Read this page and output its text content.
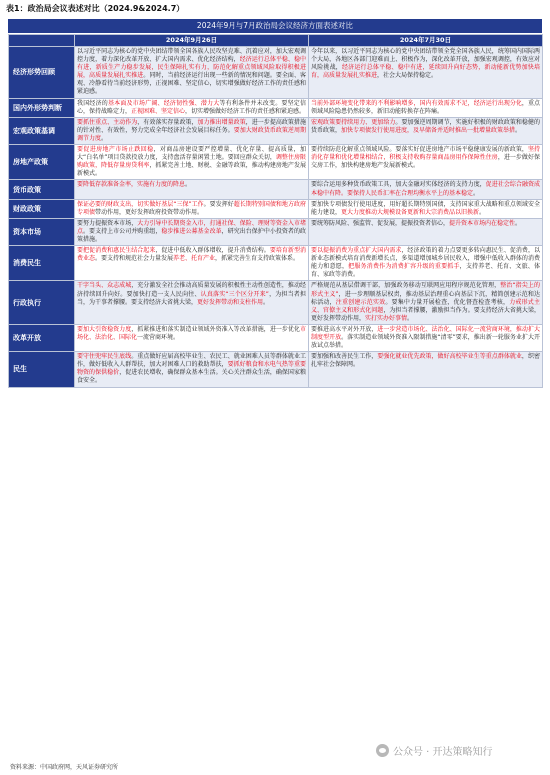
表1：政治局会议表述对比（2024.9&2024.7）
2024年9月与7月政治局会议经济方面表述对比
	2024年9月26日	2024年7月30日
经济形势回顾	以习近平同志为核心的党中央团结带领全国各族人民攻坚克难、沉着应对，加大宏观调控力度，着力深化改革开放、扩大国内需求、优化经济结构，经济运行总体平稳、稳中有进，新质生产力稳步发展，民生保障扎实有力，防范化解重点领域风险取得积极进展，高质量发展扎实推进。同时，当前经济运行出现一些新的情况和问题。要全面、客观、冷静看待当前经济形势，正视困难、坚定信心，切实增强做好经济工作的责任感和紧迫感。	今年以来，以习近平同志为核心的党中央团结带领全党全国各族人民，统筹国内国际两个大局，各地区各部门迎难而上、积极作为，深化改革开放，加强宏观调控，有效应对风险挑战，经济运行总体平稳、稳中有进，延续回升向好态势，新动能新优势加快培育，高质量发展扎实推进，社会大局保持稳定。
国内外形势判断	我国经济的基本面及市场广阔、经济韧性强、潜力大等有利条件并未改变。要坚定信心，保持战略定力，正视困难、坚定信心，切实增强做好经济工作的责任感和紧迫感。	当前外部环境变化带来的不利影响增多，国内有效需求不足，经济运行出现分化，重点领域风险隐患仍然较多，新旧动能转换存在阵痛。
宏观政策基调	要抓住重点、主动作为，有效落实存量政策，加力推出增量政策，进一步提高政策措施的针对性、有效性，努力完成全年经济社会发展目标任务。要加大财政货币政策逆周期调节力度。	宏观政策要持续用力、更加给力。要加强逆周期调节，实施好积极的财政政策和稳健的货币政策，加快专项债发行使用进度，及早储备并适时推出一批增量政策举措。
房地产政策	要促进房地产市场止跌回稳，对商品房建设要严控增量、优化存量、提高质量，加大“白名单”项目贷款投放力度，支持盘活存量闲置土地。要回应群众关切，调整住房限购政策，降低存量房贷利率，抓紧完善土地、财税、金融等政策，推动构建房地产发展新模式。	要持续防范化解重点领域风险。要落实好促进房地产市场平稳健康发展的新政策，坚持消化存量和优化增量相结合，积极支持收购存量商品房用作保障性住房，进一步做好保交房工作，加快构建房地产发展新模式。
货币政策	要降低存款准备金率，实施有力度的降息。	要综合运用多种货币政策工具，加大金融对实体经济的支持力度，促进社会综合融资成本稳中有降。要保持人民币汇率在合理均衡水平上的基本稳定。
财政政策	保证必要的财政支出，切实做好基层“三保”工作。要发挥好超长期特别国债和地方政府专项债带动作用，更好发挥政府投资带动作用。	要加快专项债发行使用进度，用好超长期特别国债，支持国家重大战略和重点领域安全能力建设，更大力度推动大规模设备更新和大宗消费品以旧换新。
资本市场	要努力提振资本市场，大力引导中长期资金入市，打通社保、保险、理财等资金入市堵点。要支持上市公司并购重组，稳步推进公募基金改革，研究出台保护中小投资者的政策措施。	要统筹防风险、强监管、促发展，提振投资者信心，提升资本市场内在稳定性。
消费民生	要把促消费和惠民生结合起来，促进中低收入群体增收，提升消费结构。要培育新型消费业态。要支持和规范社会力量发展养老、托育产业，抓紧完善生育支持政策体系。	要以提振消费为重点扩大国内需求，经济政策的着力点要更多转向惠民生、促消费，以新业态新模式培育消费新增长点，多渠道增加城乡居民收入，增强中低收入群体的消费能力和意愿，把服务消费作为消费扩容升级的重要抓手，支持养老、托育、文旅、体育、家政等消费。
行政执行	干字当头、众志成城，充分激发全社会推动高质量发展的积极性主动性创造性，推动经济持续回升向好。要加快打造一支人民向往、认真落实“三个区分开来”，为担当者担当，为干事者撑腰。要支持经济大省挑大梁，更好发挥带动和支柱作用。	严格规范从基层借调干部，加强政务移动互联网应用程序规范化管理，整治“指尖上的形式主义”，进一步理顺基层权责，推动基层治理重心向基层下沉，精简创建示范和达标活动，注重创建示范实效。要集中力量开展检查，优化督查检查考核，力戒形式主义、官僚主义和形式化问题，为担当者撑腰，激励担当作为。要支持经济大省挑大梁，更好发挥带动作用，实打实办好事情。
改革开放	要加大引资稳资力度，抓紧推进和落实制造业领域外资准入等改革措施，进一步优化市场化、法治化、国际化一流营商环境。	要推进高水平对外开放，进一步营造市场化、法治化、国际化一流营商环境，推动扩大制度型开放。落实制造业领域外资准入限制措施“清零”要求，推出新一轮服务业扩大开放试点举措。
民生	要守住兜牢民生底线。重点做好应届高校毕业生、农民工、就业困难人员等群体就业工作，做好低收入人群帮扶，加大对困难人口的救助帮扶，要抓好粮食和水电气热等重要物资的保供稳价，促进农民增收，确保群众基本生活。关心关注群众生活，确保国家粮食安全。	要加强和改善民生工作，要强化就业优先政策，做好高校毕业生等重点群体就业，织密扎牢社会保障网。
资料来源：中国政府网，天风证券研究所
公众号 · 开达策略知行
